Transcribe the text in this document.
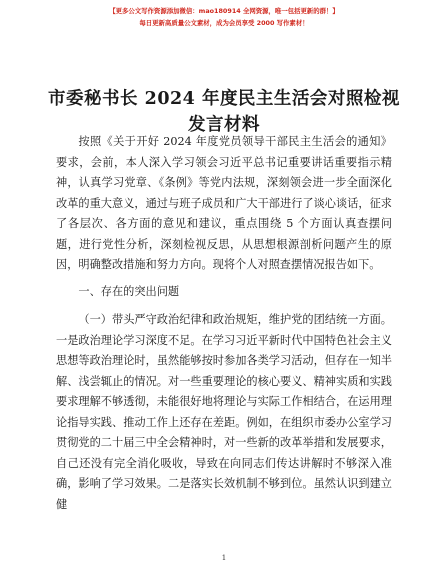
【更多公文写作资源添加微信：mao180914 全网资源，唯一包括更新的群！】
每日更新高质量公文素材，成为会员享受 2000 写作素材！
市委秘书长 2024 年度民主生活会对照检视发言材料

按照《关于开好 2024 年度党员领导干部民主生活会的通知》要求，会前，本人深入学习领会习近平总书记重要讲话重要指示精神，认真学习党章、《条例》等党内法规，深刻领会进一步全面深化改革的重大意义，通过与班子成员和广大干部进行了谈心谈话，征求了各层次、各方面的意见和建议，重点围绕 5 个方面认真查摆问题，进行党性分析，深刻检视反思，从思想根源剖析问题产生的原因，明确整改措施和努力方向。现将个人对照查摆情况报告如下。

一、存在的突出问题

（一）带头严守政治纪律和政治规矩，维护党的团结统一方面。一是政治理论学习深度不足。在学习习近平新时代中国特色社会主义思想等政治理论时，虽然能够按时参加各类学习活动，但存在一知半解、浅尝辄止的情况。对一些重要理论的核心要义、精神实质和实践要求理解不够透彻，未能很好地将理论与实际工作相结合，在运用理论指导实践、推动工作上还存在差距。例如，在组织市委办公室学习贯彻党的二十届三中全会精神时，对一些新的改革举措和发展要求，自己还没有完全消化吸收，导致在向同志们传达讲解时不够深入准确，影响了学习效果。二是落实长效机制不够到位。虽然认识到建立健

1
